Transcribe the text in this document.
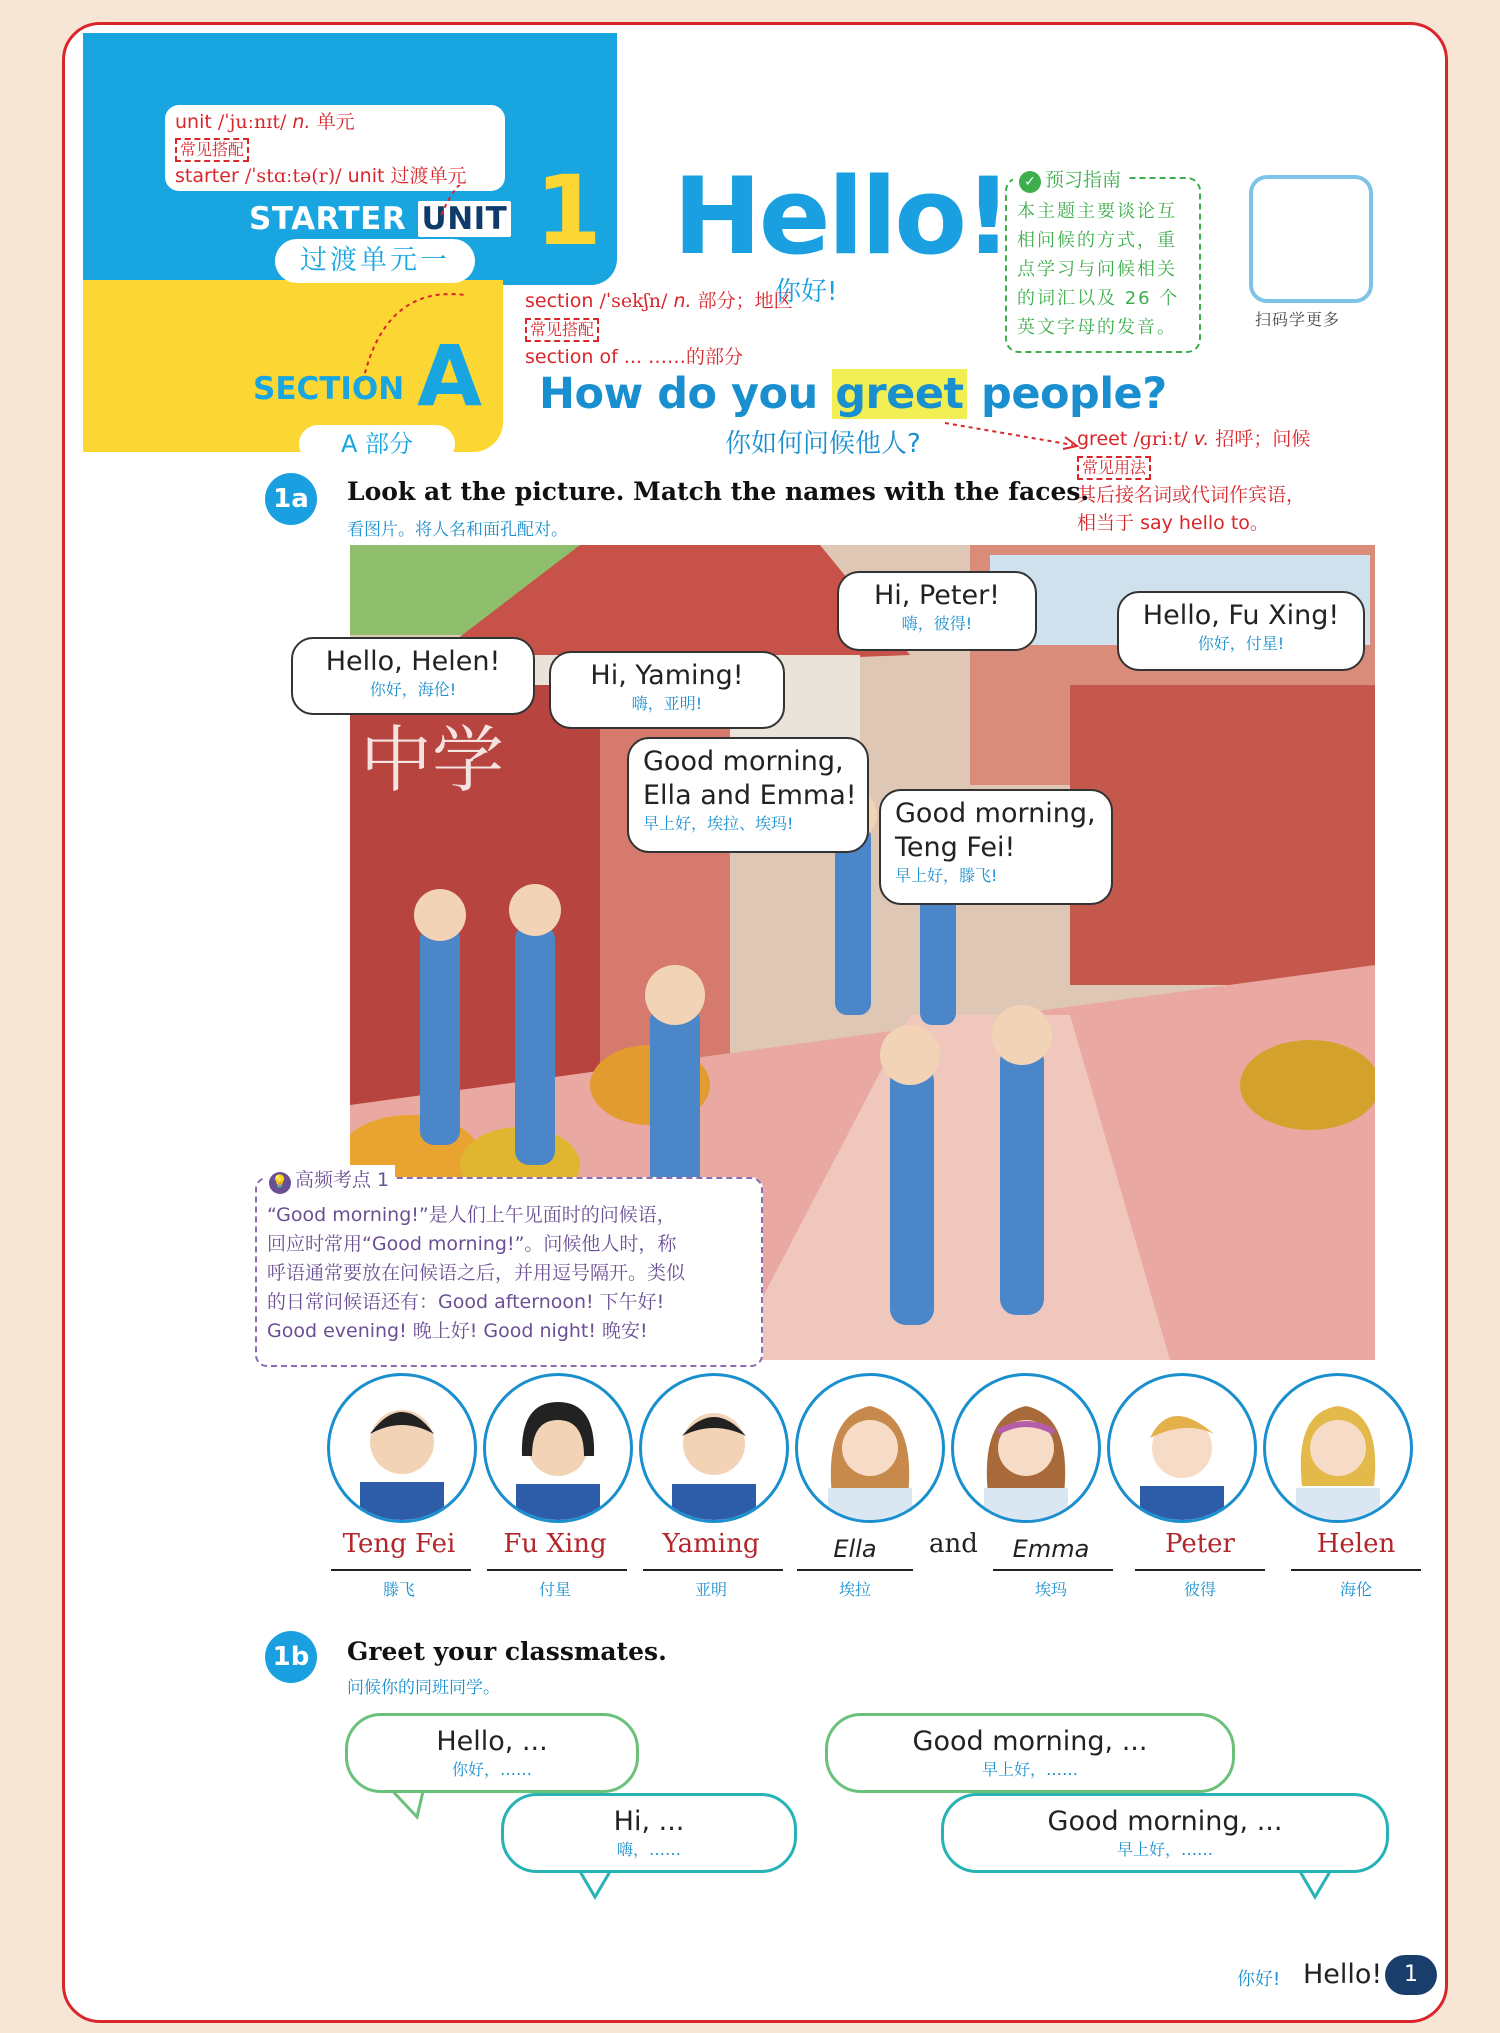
unit /ˈjuːnɪt/ n. 单元
常见搭配
starter /ˈstɑːtə(r)/ unit 过渡单元
STARTER UNIT 1
过渡单元一 Hello!
你好!
SECTION A
A 部分
section /ˈsekʃn/ n. 部分；地区
常见搭配
section of ... ……的部分
How do you greet people?
你如何问候他人?	greet /ɡriːt/ v. 招呼；问候
常见用法
其后接名词或代词作宾语，
相当于 say hello to。
本主题主要谈论互
相问候的方式，重
点学习与问候相关
的词汇以及 26 个
英文字母的发音。
✓ 预习指南
扫码学更多
1a	Look at the picture. Match the names with the faces.
看图片。将人名和面孔配对。
中学
Hello, Helen!
你好，海伦!	Hi, Yaming!
嗨，亚明!
Hi, Peter!
嗨，彼得!	Hello, Fu Xing!
你好，付星!
Good morning,
Ella and Emma!
早上好，埃拉、埃玛!	Good morning,
Teng Fei!
早上好，滕飞!
“Good morning!”是人们上午见面时的问候语，
回应时常用“Good morning!”。问候他人时，称
呼语通常要放在问候语之后，并用逗号隔开。类似
的日常问候语还有：Good afternoon! 下午好!
Good evening! 晚上好! Good night! 晚安!
💡 高频考点 1
Teng Fei
滕飞
Fu Xing
付星
Yaming
亚明
Ella
埃拉
and	Emma
埃玛
Peter
彼得
Helen
海伦
1b	Greet your classmates.
问候你的同班同学。
Hello, ...
你好，……
Hi, ...
嗨，……
Good morning, ...
早上好，……
Good morning, ...
早上好，……
你好! Hello! 1
